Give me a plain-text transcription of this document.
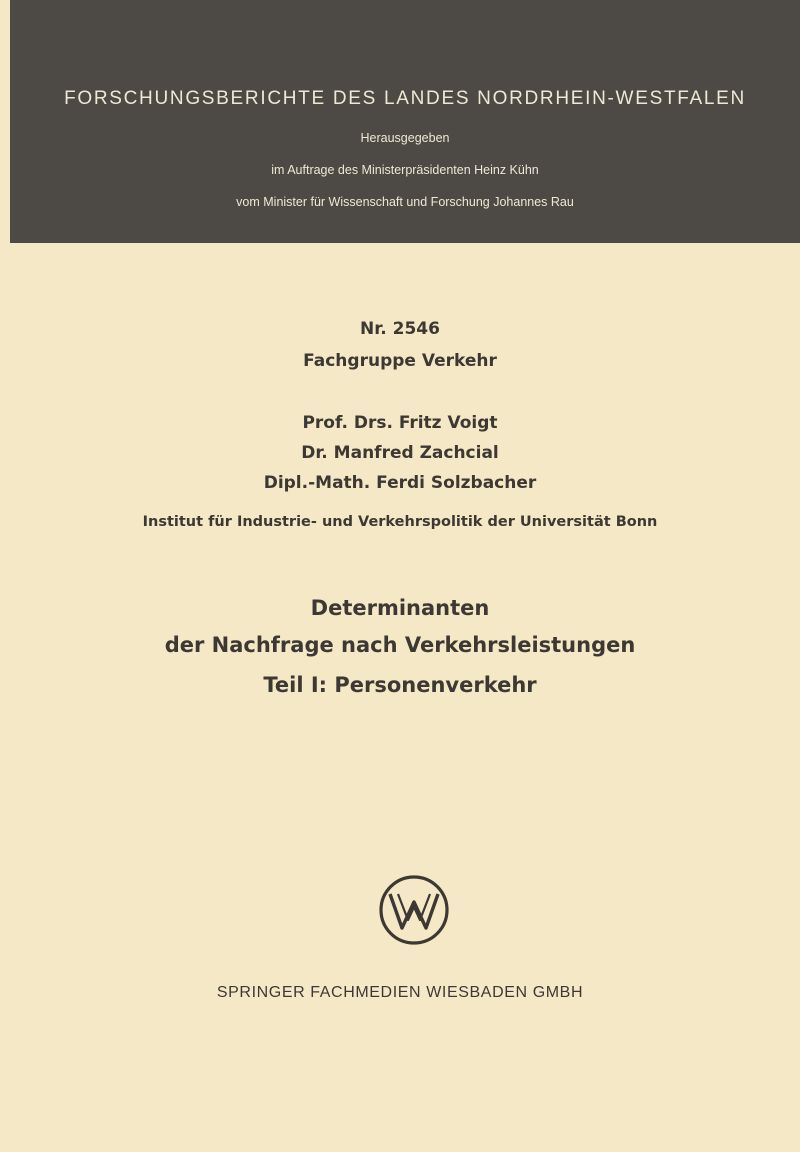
FORSCHUNGSBERICHTE DES LANDES NORDRHEIN-WESTFALEN
Herausgegeben
im Auftrage des Ministerpräsidenten Heinz Kühn
vom Minister für Wissenschaft und Forschung Johannes Rau
Nr. 2546
Fachgruppe Verkehr
Prof. Drs. Fritz Voigt
Dr. Manfred Zachcial
Dipl.-Math. Ferdi Solzbacher
Institut für Industrie- und Verkehrspolitik der Universität Bonn
Determinanten
der Nachfrage nach Verkehrsleistungen
Teil I: Personenverkehr
SPRINGER FACHMEDIEN WIESBADEN GMBH
